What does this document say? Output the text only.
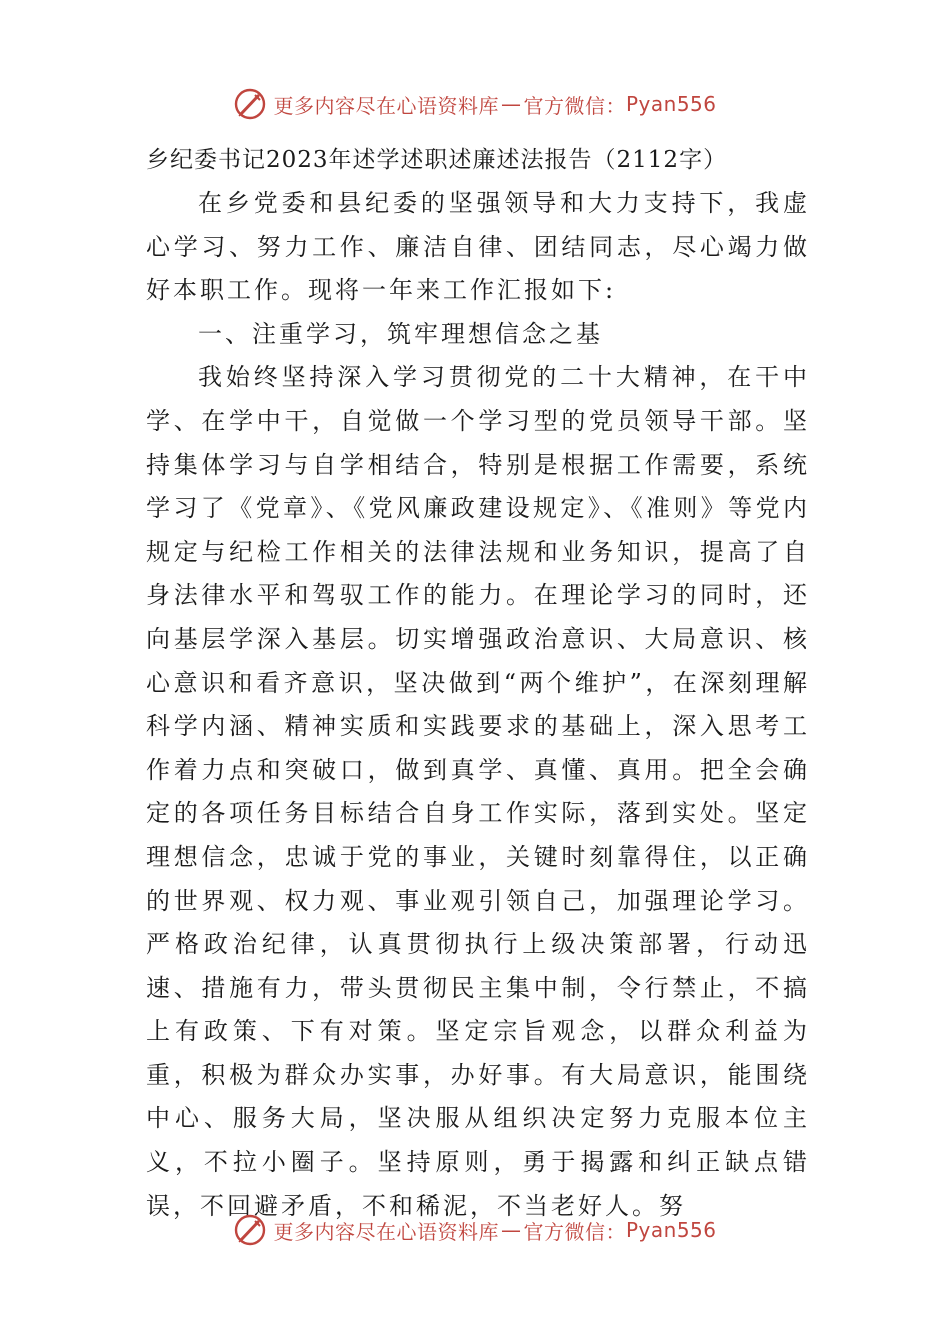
更多内容尽在心语资料库 — 官方微信： Pyan556
乡纪委书记2023年述学述职述廉述法报告（2112字）

在乡党委和县纪委的坚强领导和大力支持下，我虚心学习、努力工作、廉洁自律、团结同志，尽心竭力做好本职工作。现将一年来工作汇报如下:

一、注重学习，筑牢理想信念之基

我始终坚持深入学习贯彻党的二十大精神，在干中学、在学中干，自觉做一个学习型的党员领导干部。坚持集体学习与自学相结合，特别是根据工作需要，系统学习了《党章》、《党风廉政建设规定》、《准则》等党内规定与纪检工作相关的法律法规和业务知识，提高了自身法律水平和驾驭工作的能力。在理论学习的同时，还向基层学深入基层。切实增强政治意识、大局意识、核心意识和看齐意识，坚决做到“两个维护”，在深刻理解科学内涵、精神实质和实践要求的基础上，深入思考工作着力点和突破口，做到真学、真懂、真用。把全会确定的各项任务目标结合自身工作实际，落到实处。坚定理想信念，忠诚于党的事业，关键时刻靠得住，以正确的世界观、权力观、事业观引领自己，加强理论学习。严格政治纪律，认真贯彻执行上级决策部署，行动迅速、措施有力，带头贯彻民主集中制，令行禁止，不搞上有政策、下有对策。坚定宗旨观念，以群众利益为重，积极为群众办实事，办好事。有大局意识，能围绕中心、服务大局，坚决服从组织决定努力克服本位主义，不拉小圈子。坚持原则，勇于揭露和纠正缺点错误，不回避矛盾，不和稀泥，不当老好人。努

更多内容尽在心语资料库 — 官方微信： Pyan556
